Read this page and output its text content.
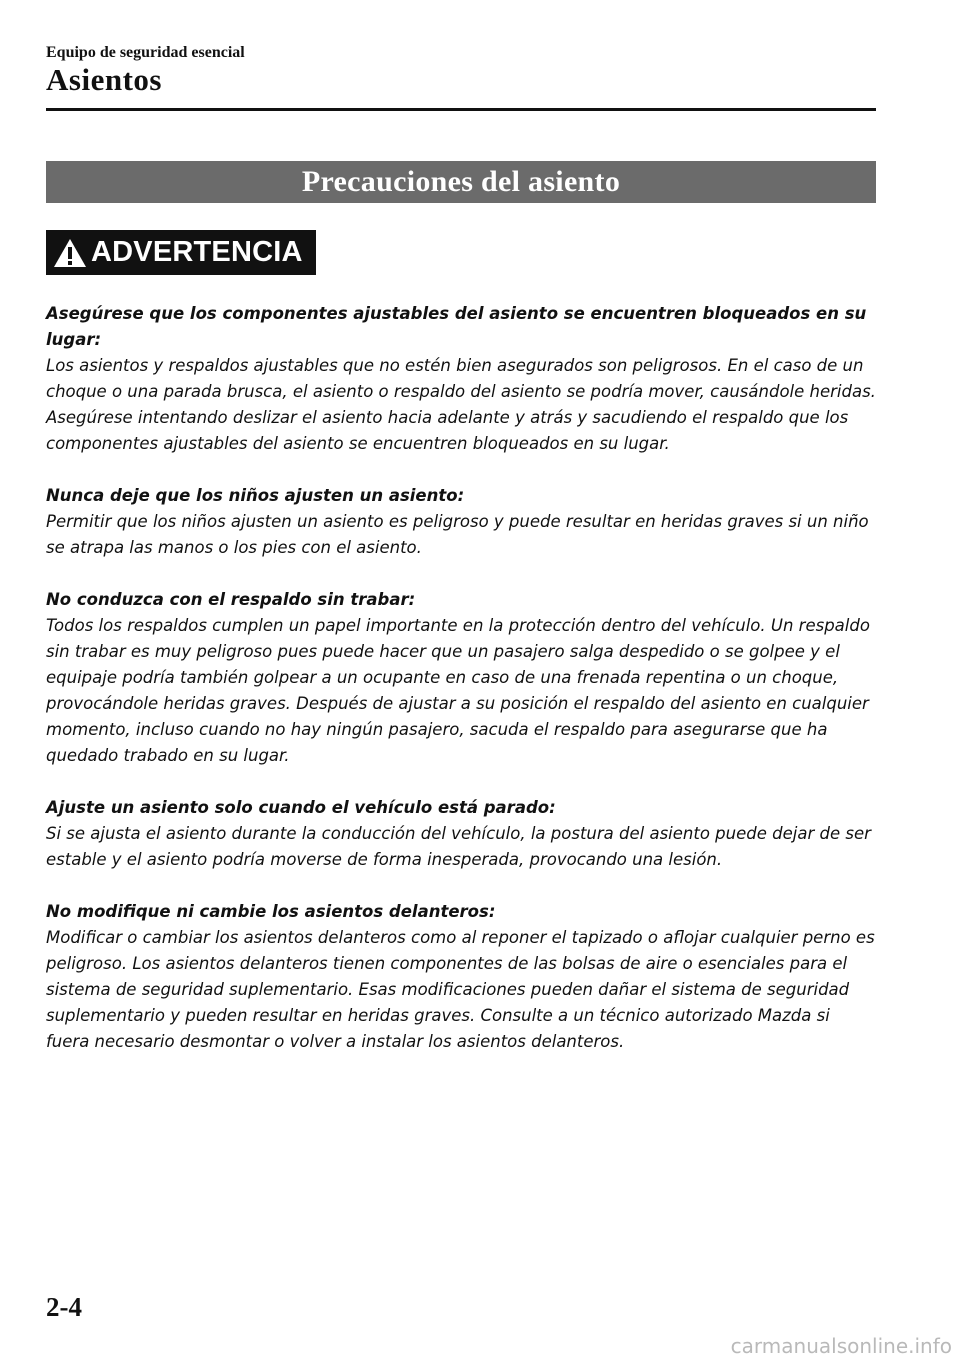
Equipo de seguridad esencial
Asientos
Precauciones del asiento
ADVERTENCIA
Asegúrese que los componentes ajustables del asiento se encuentren bloqueados en su lugar:
Los asientos y respaldos ajustables que no estén bien asegurados son peligrosos. En el caso de un choque o una parada brusca, el asiento o respaldo del asiento se podría mover, causándole heridas. Asegúrese intentando deslizar el asiento hacia adelante y atrás y sacudiendo el respaldo que los componentes ajustables del asiento se encuentren bloqueados en su lugar.
Nunca deje que los niños ajusten un asiento:
Permitir que los niños ajusten un asiento es peligroso y puede resultar en heridas graves si un niño se atrapa las manos o los pies con el asiento.
No conduzca con el respaldo sin trabar:
Todos los respaldos cumplen un papel importante en la protección dentro del vehículo. Un respaldo sin trabar es muy peligroso pues puede hacer que un pasajero salga despedido o se golpee y el equipaje podría también golpear a un ocupante en caso de una frenada repentina o un choque, provocándole heridas graves. Después de ajustar a su posición el respaldo del asiento en cualquier momento, incluso cuando no hay ningún pasajero, sacuda el respaldo para asegurarse que ha quedado trabado en su lugar.
Ajuste un asiento solo cuando el vehículo está parado:
Si se ajusta el asiento durante la conducción del vehículo, la postura del asiento puede dejar de ser estable y el asiento podría moverse de forma inesperada, provocando una lesión.
No modifique ni cambie los asientos delanteros:
Modificar o cambiar los asientos delanteros como al reponer el tapizado o aflojar cualquier perno es peligroso. Los asientos delanteros tienen componentes de las bolsas de aire o esenciales para el sistema de seguridad suplementario. Esas modificaciones pueden dañar el sistema de seguridad suplementario y pueden resultar en heridas graves. Consulte a un técnico autorizado Mazda si fuera necesario desmontar o volver a instalar los asientos delanteros.
2-4
carmanualsonline.info
